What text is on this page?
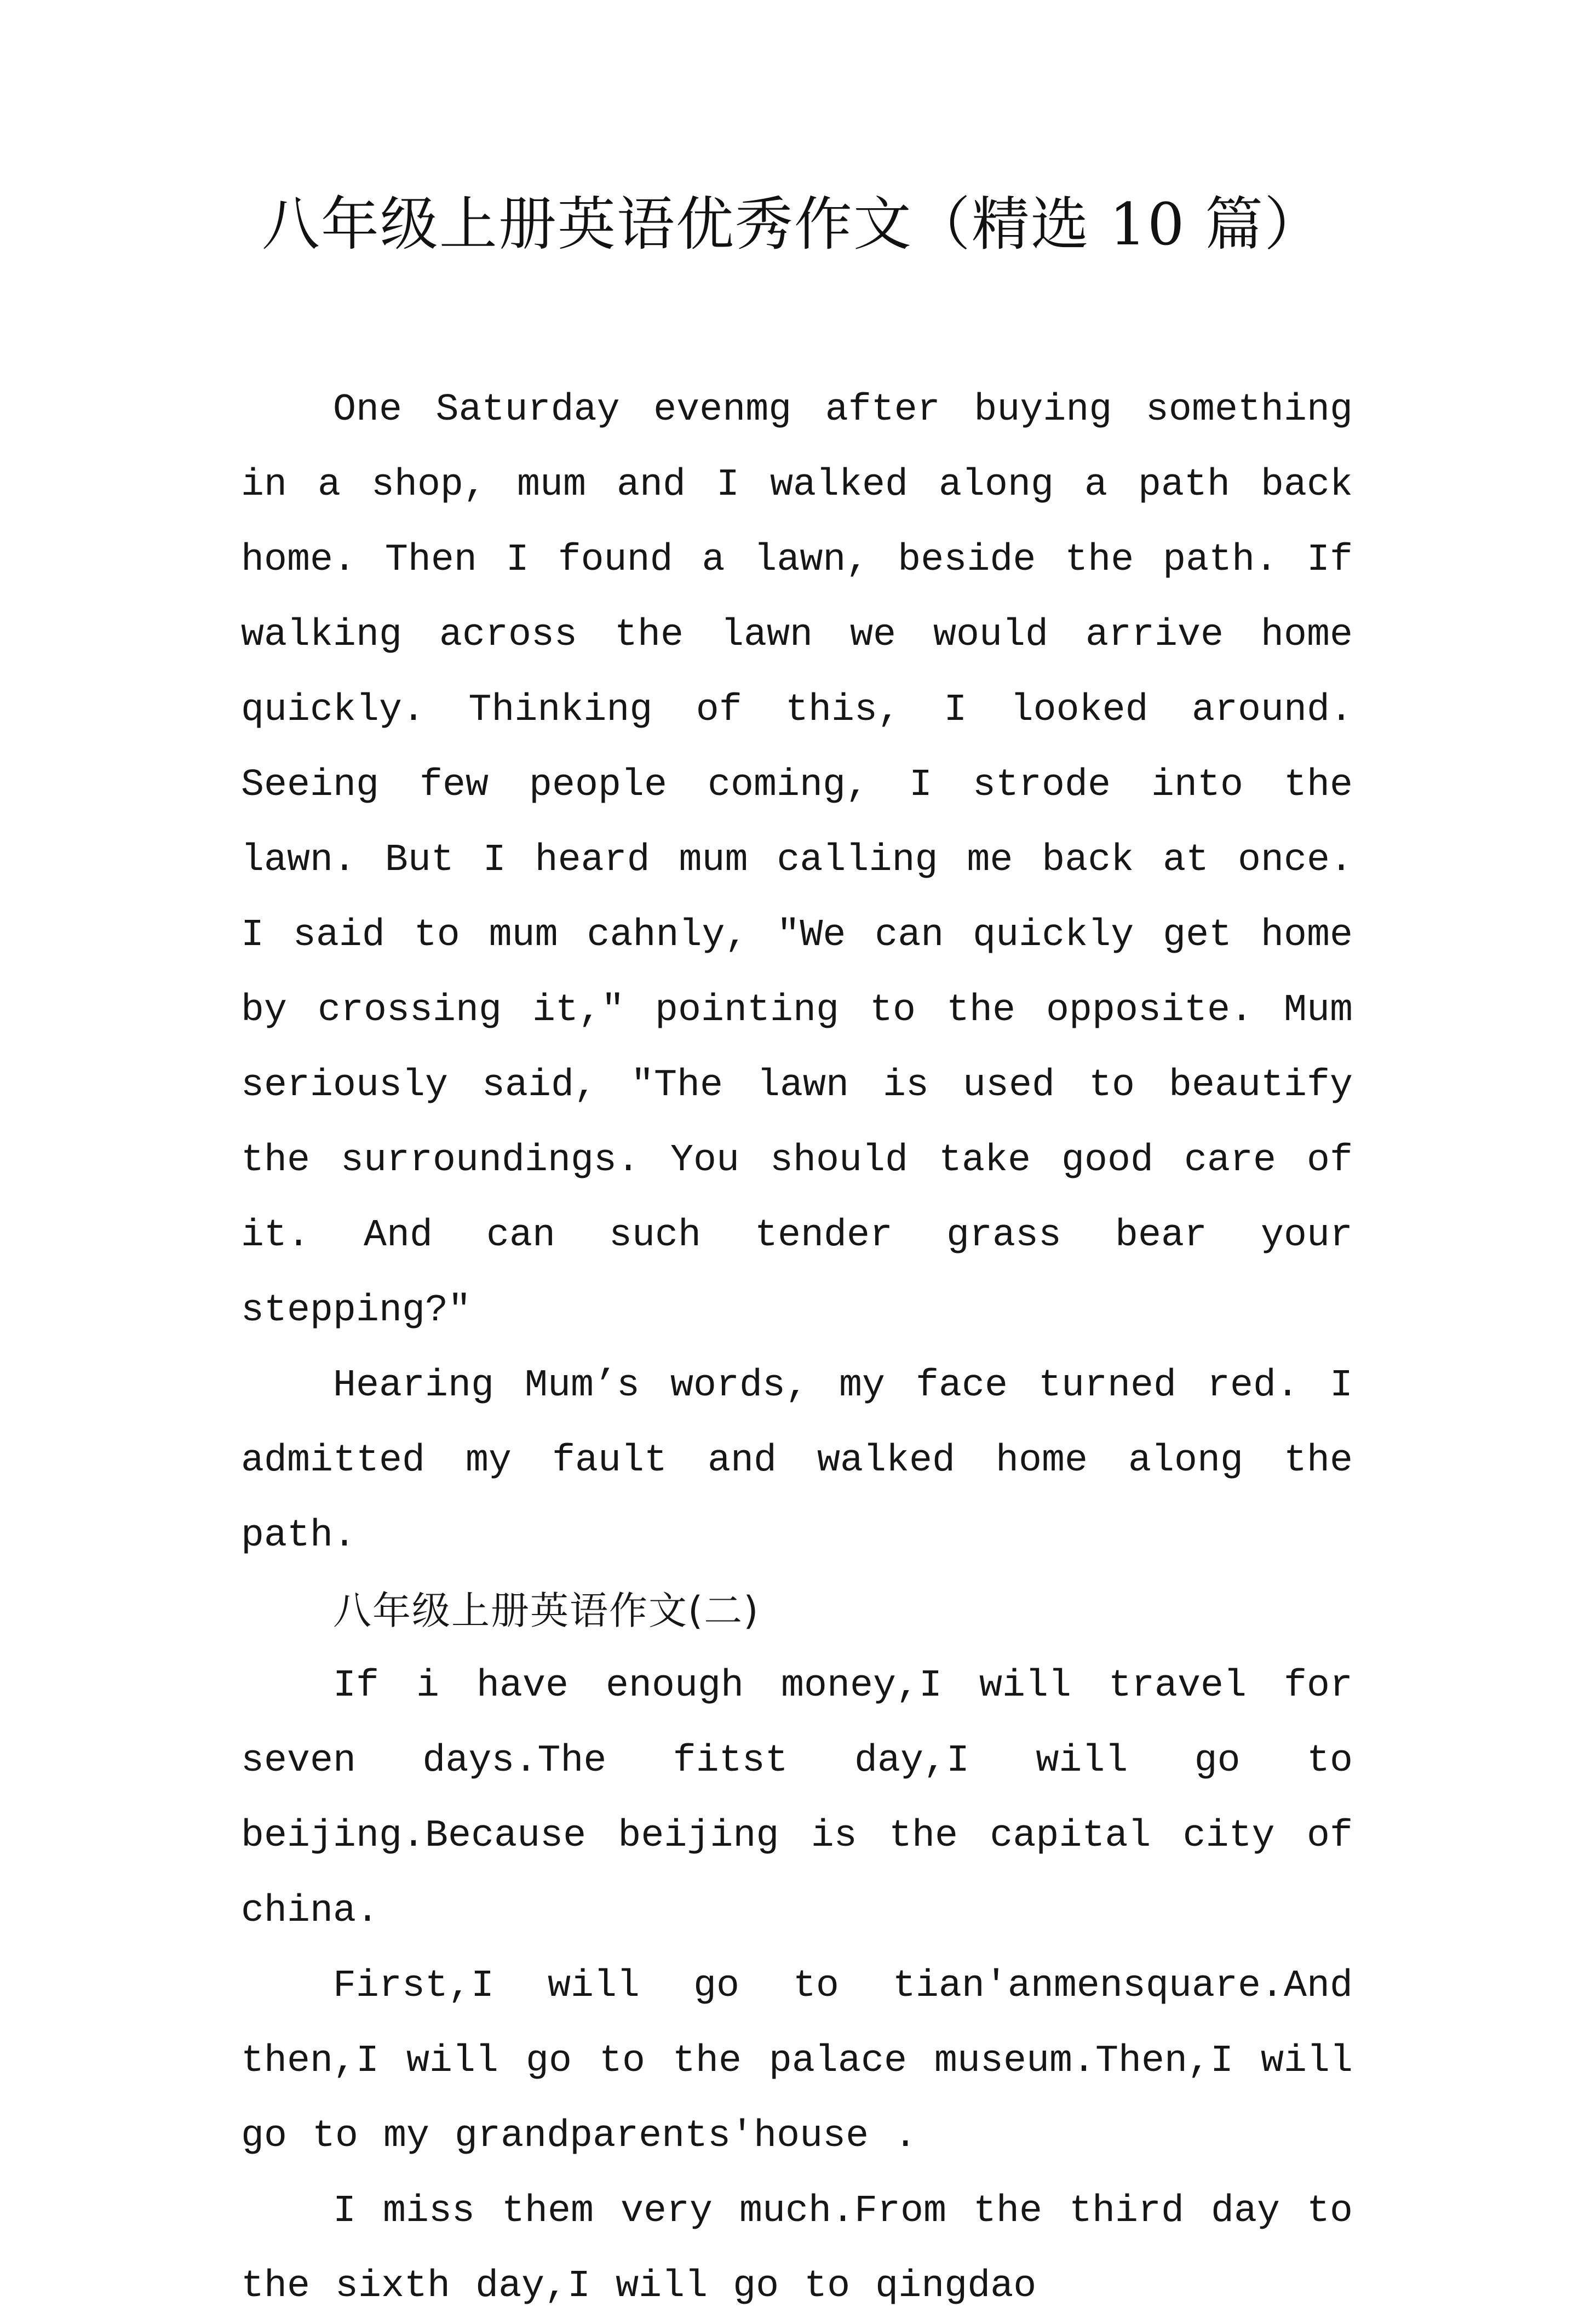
八年级上册英语优秀作文（精选 10 篇）

One Saturday evenmg after buying something in a shop, mum and I walked along a path back home. Then I found a lawn, beside the path. If walking across the lawn we would arrive home quickly. Thinking of this, I looked around. Seeing few people coming, I strode into the lawn. But I heard mum calling me back at once. I said to mum cahnly, "We can quickly get home by crossing it," pointing to the opposite. Mum seriously said, "The lawn is used to beautify the surroundings. You should take good care of it. And can such tender grass bear your stepping?"

Hearing Mum’s words, my face turned red. I admitted my fault and walked home along the path.

八年级上册英语作文(二)

If i have enough money,I will travel for seven days.The fitst day,I will go to beijing.Because beijing is the capital city of china.

First,I will go to tian'anmensquare.And then,I will go to the palace museum.Then,I will go to my grandparents'house .

I miss them very much.From the third day to the sixth day,I will go to qingdao
